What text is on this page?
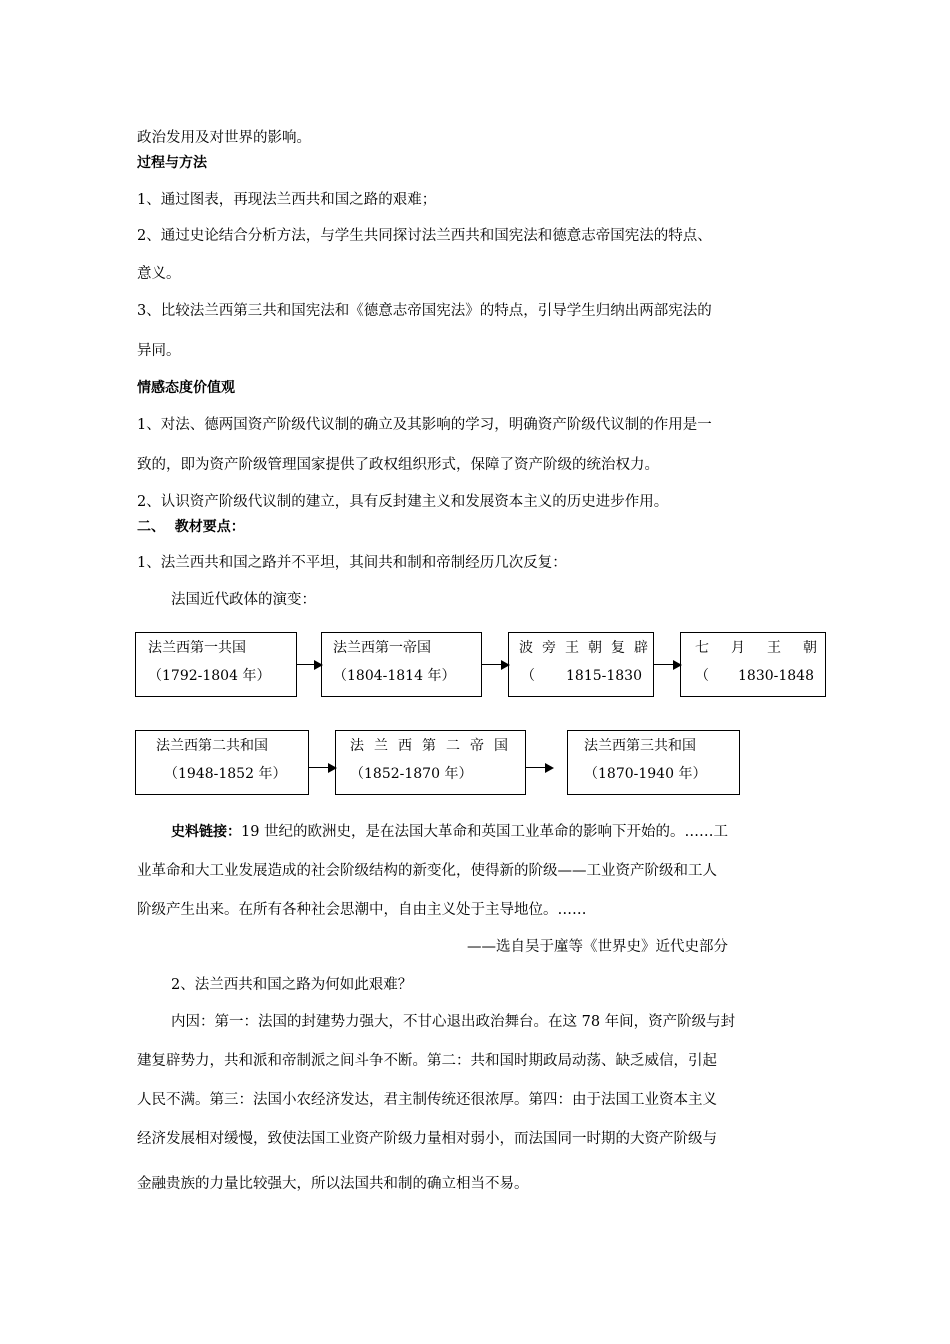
政治发用及对世界的影响。
过程与方法
1、通过图表，再现法兰西共和国之路的艰难；
2、通过史论结合分析方法，与学生共同探讨法兰西共和国宪法和德意志帝国宪法的特点、
意义。
3、比较法兰西第三共和国宪法和《德意志帝国宪法》的特点，引导学生归纳出两部宪法的
异同。
情感态度价值观
1、对法、德两国资产阶级代议制的确立及其影响的学习，明确资产阶级代议制的作用是一
致的，即为资产阶级管理国家提供了政权组织形式，保障了资产阶级的统治权力。
2、认识资产阶级代议制的建立，具有反封建主义和发展资本主义的历史进步作用。
二、  教材要点：
1、法兰西共和国之路并不平坦，其间共和制和帝制经历几次反复：
法国近代政体的演变：
法兰西第一共国
（1792-1804 年）
法兰西第一帝国
（1804-1814 年）
波旁王朝复辟
（ 1815-1830
七月王朝
（ 1830-1848
法兰西第二共和国
（1948-1852 年）
法兰西第二帝国
（1852-1870 年）
法兰西第三共和国
（1870-1940 年）
史料链接：19 世纪的欧洲史，是在法国大革命和英国工业革命的影响下开始的。……工
业革命和大工业发展造成的社会阶级结构的新变化，使得新的阶级——工业资产阶级和工人
阶级产生出来。在所有各种社会思潮中，自由主义处于主导地位。……
——选自吴于廑等《世界史》近代史部分
2、法兰西共和国之路为何如此艰难？
内因：第一：法国的封建势力强大，不甘心退出政治舞台。在这 78 年间，资产阶级与封
建复辟势力，共和派和帝制派之间斗争不断。第二：共和国时期政局动荡、缺乏威信，引起
人民不满。第三：法国小农经济发达，君主制传统还很浓厚。第四：由于法国工业资本主义
经济发展相对缓慢，致使法国工业资产阶级力量相对弱小，而法国同一时期的大资产阶级与
金融贵族的力量比较强大，所以法国共和制的确立相当不易。
